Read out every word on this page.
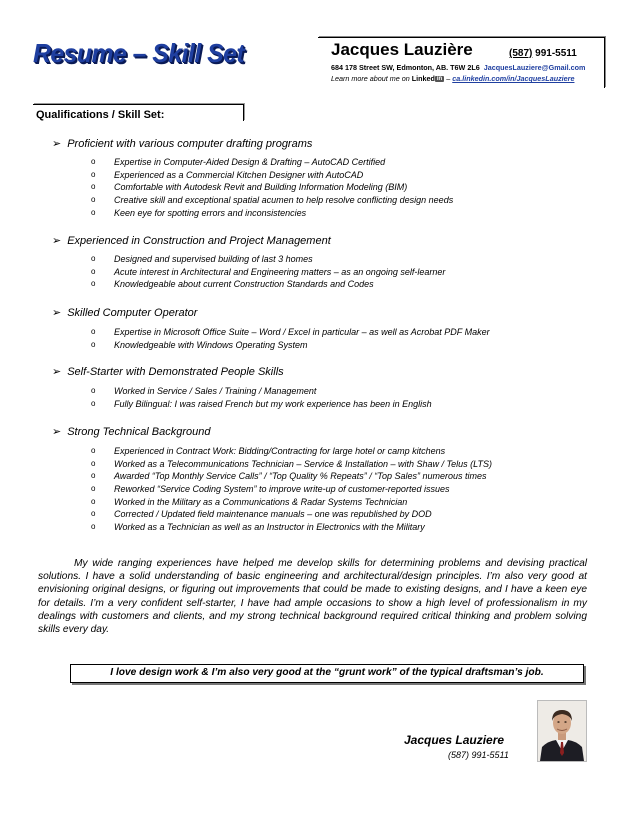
Resume – Skill Set	Jacques Lauzière	(587) 991-5511
684 178 Street SW, Edmonton, AB. T6W 2L6 JacquesLauziere@Gmail.com
Learn more about me on Linked in – ca.linkedin.com/in/JacquesLauziere
Qualifications / Skill Set:
➢ Proficient with various computer drafting programs
o Expertise in Computer-Aided Design & Drafting – AutoCAD Certified
o Experienced as a Commercial Kitchen Designer with AutoCAD
o Comfortable with Autodesk Revit and Building Information Modeling (BIM)
o Creative skill and exceptional spatial acumen to help resolve conflicting design needs
o Keen eye for spotting errors and inconsistencies
➢ Experienced in Construction and Project Management
o Designed and supervised building of last 3 homes
o Acute interest in Architectural and Engineering matters – as an ongoing self-learner
o Knowledgeable about current Construction Standards and Codes
➢ Skilled Computer Operator
o Expertise in Microsoft Office Suite – Word / Excel in particular – as well as Acrobat PDF Maker
o Knowledgeable with Windows Operating System
➢ Self-Starter with Demonstrated People Skills
o Worked in Service / Sales / Training / Management
o Fully Bilingual: I was raised French but my work experience has been in English
➢ Strong Technical Background
o Experienced in Contract Work: Bidding/Contracting for large hotel or camp kitchens
o Worked as a Telecommunications Technician – Service & Installation – with Shaw / Telus (LTS)
o Awarded “Top Monthly Service Calls” / “Top Quality % Repeats” / “Top Sales” numerous times
o Reworked “Service Coding System” to improve write-up of customer-reported issues
o Worked in the Military as a Communications & Radar Systems Technician
o Corrected / Updated field maintenance manuals – one was republished by DOD
o Worked as a Technician as well as an Instructor in Electronics with the Military
My wide ranging experiences have helped me develop skills for determining problems and devising practical solutions. I have a solid understanding of basic engineering and architectural/design principles. I’m also very good at envisioning original designs, or figuring out improvements that could be made to existing designs, and I have a keen eye for details. I’m a very confident self-starter, I have had ample occasions to show a high level of professionalism in my dealings with customers and clients, and my strong technical background required critical thinking and problem solving skills every day.
I love design work & I’m also very good at the “grunt work” of the typical draftsman’s job.
Jacques Lauziere
(587) 991-5511
